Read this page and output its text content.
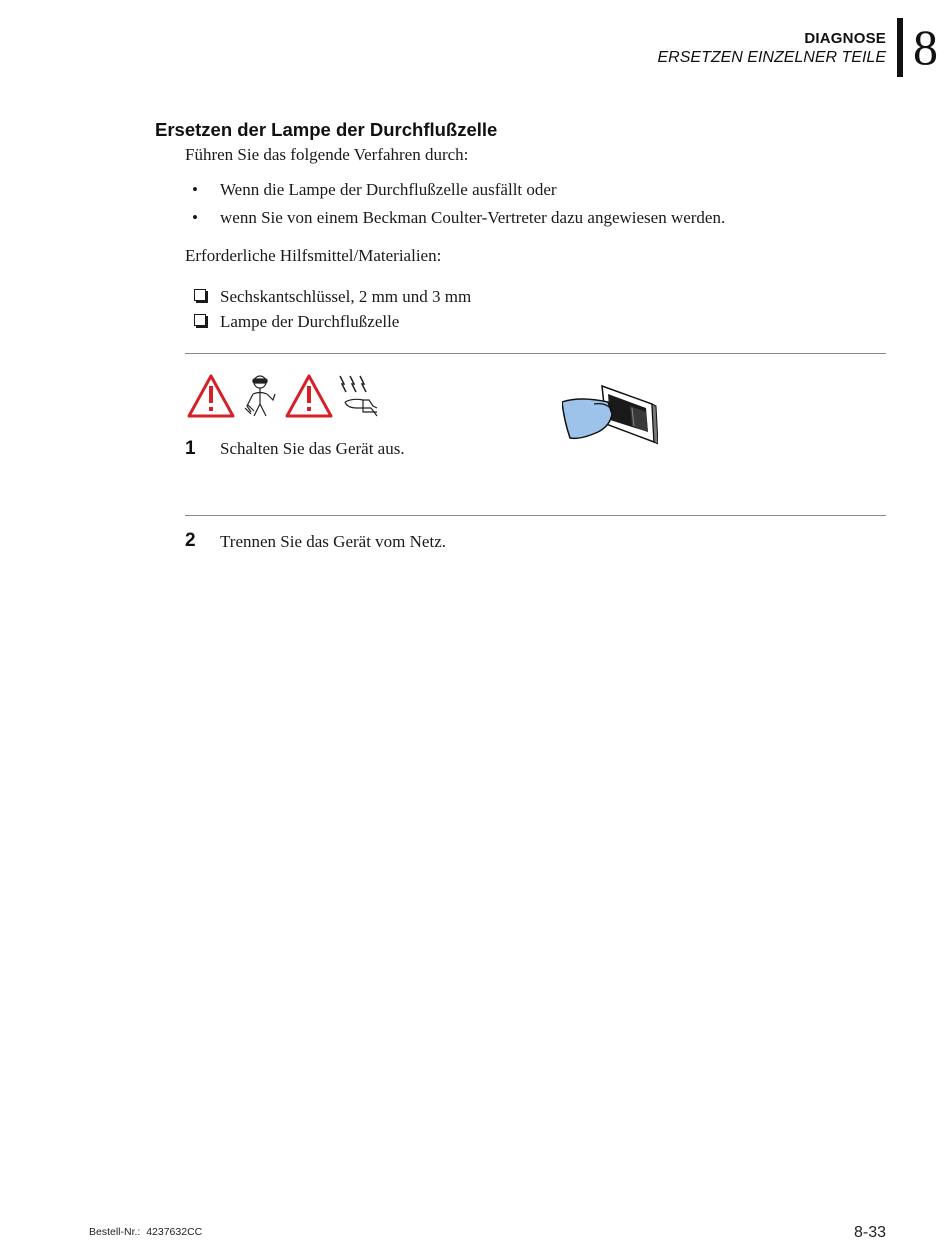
DIAGNOSE
ERSETZEN EINZELNER TEILE 8
Ersetzen der Lampe der Durchflußzelle

Führen Sie das folgende Verfahren durch:

• Wenn die Lampe der Durchflußzelle ausfällt oder
• wenn Sie von einem Beckman Coulter-Vertreter dazu angewiesen werden.

Erforderliche Hilfsmittel/Materialien:

Sechskantschlüssel, 2 mm und 3 mm
Lampe der Durchflußzelle
1 Schalten Sie das Gerät aus.
2 Trennen Sie das Gerät vom Netz.
Bestell-Nr.: 4237632CC	8-33
